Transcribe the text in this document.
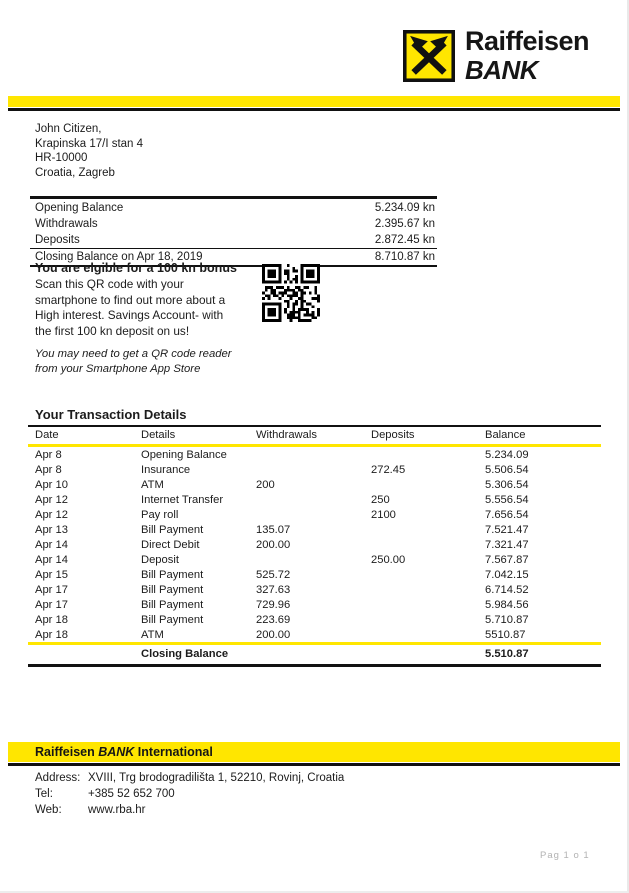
Raiffeisen
BANK
John Citizen,
Krapinska 17/I stan 4
HR-10000
Croatia, Zagreb
Opening Balance	5.234.09 kn
Withdrawals	2.395.67 kn
Deposits	2.872.45 kn
Closing Balance on Apr 18, 2019	8.710.87 kn
You are elgible for a 100 kn bonus
Scan this QR code with your
smartphone to find out more about a
High interest. Savings Account- with
the first 100 kn deposit on us!
You may need to get a QR code reader
from your Smartphone App Store
Your Transaction Details
Date	Details	Withdrawals	Deposits	Balance
Apr 8	Opening Balance			5.234.09
Apr 8	Insurance		272.45	5.506.54
Apr 10	ATM	200		5.306.54
Apr 12	Internet Transfer		250	5.556.54
Apr 12	Pay roll		2100	7.656.54
Apr 13	Bill Payment	135.07		7.521.47
Apr 14	Direct Debit	200.00		7.321.47
Apr 14	Deposit		250.00	7.567.87
Apr 15	Bill Payment	525.72		7.042.15
Apr 17	Bill Payment	327.63		6.714.52
Apr 17	Bill Payment	729.96		5.984.56
Apr 18	Bill Payment	223.69		5.710.87
Apr 18	ATM	200.00		5510.87
	Closing Balance			5.510.87
Raiffeisen BANK International
Address: XVIII, Trg brodogradilišta 1, 52210, Rovinj, Croatia
Tel:	+385 52 652 700
Web: www.rba.hr
Pag 1 o 1
